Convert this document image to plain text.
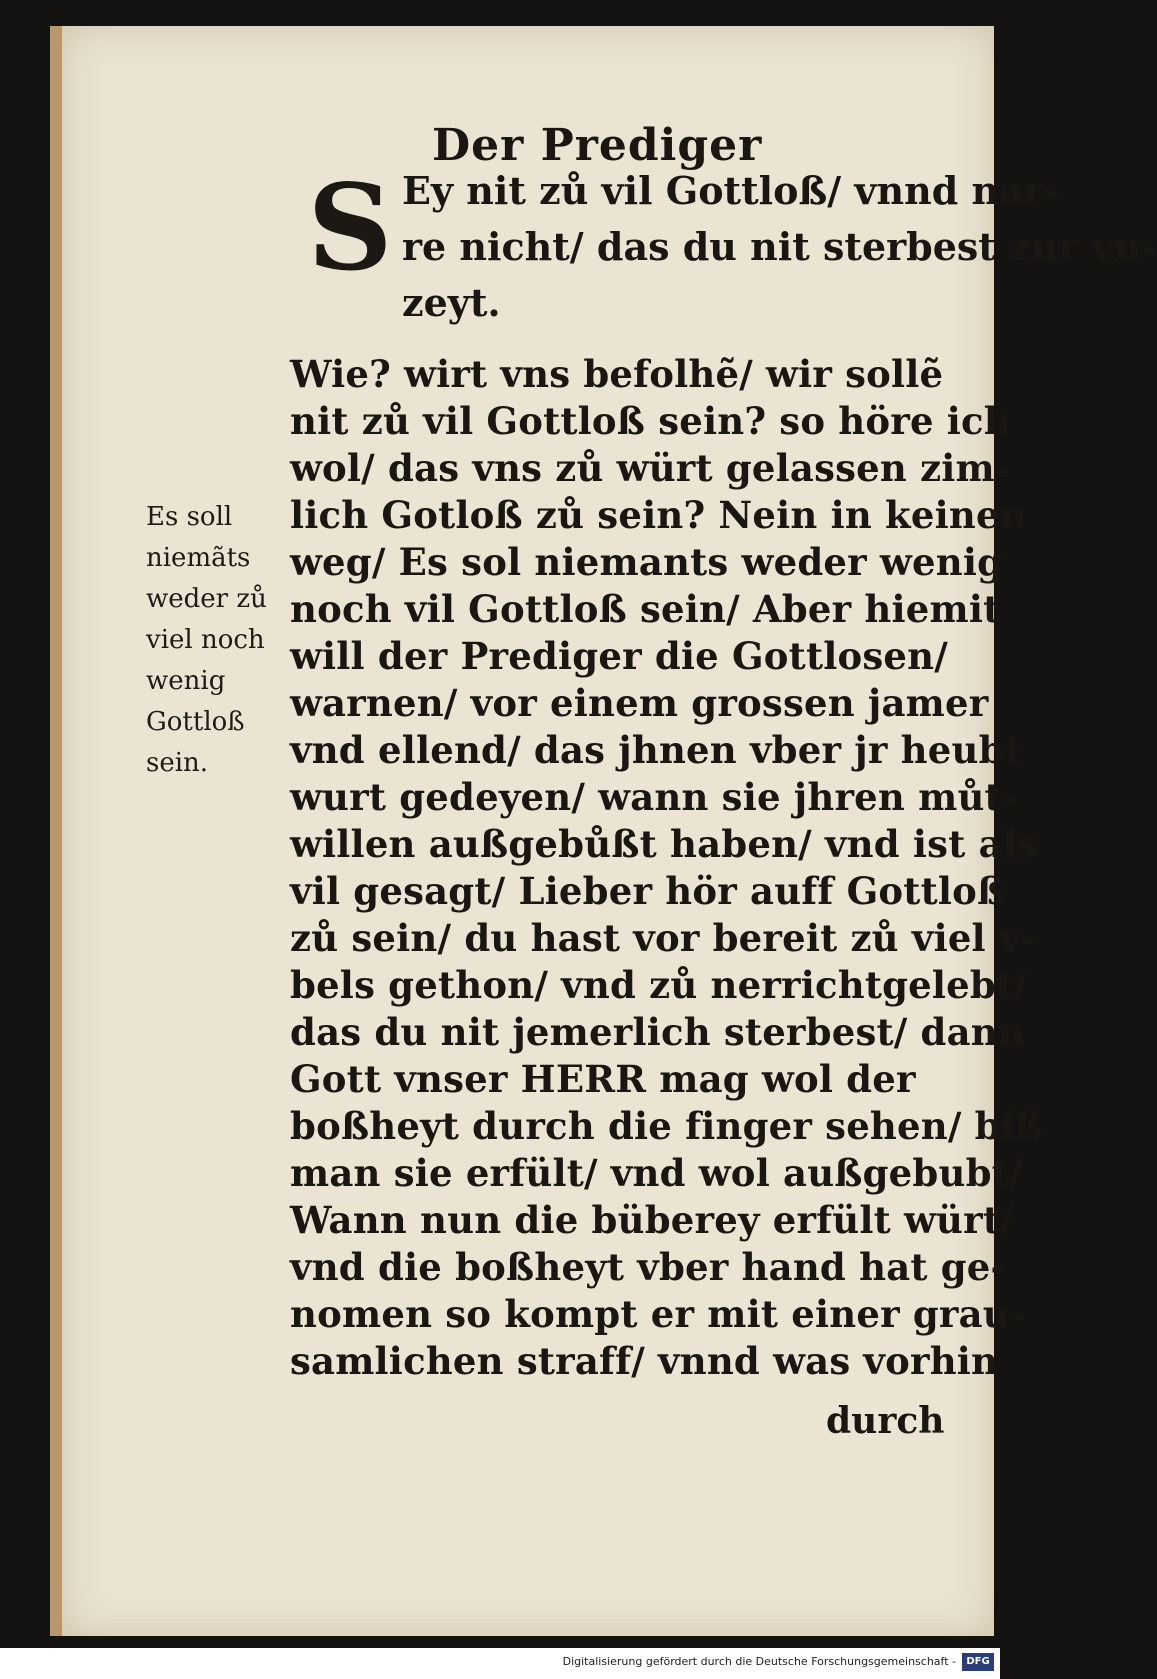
Der Prediger
S Ey nit zů vil Gottloß/ vnnd nar‑
re nicht/ das du nit sterbest zur vn‑
zeyt.
Es soll
niemãts
weder zů
viel noch
wenig
Gottloß
sein.
Wie? wirt vns befolhẽ/ wir sollẽ
nit zů vil Gottloß sein? so höre ich
wol/ das vns zů würt gelassen zim‑
lich Gotloß zů sein? Nein in keinen
weg/ Es sol niemants weder wenig
noch vil Gottloß sein/ Aber hiemit
will der Prediger die Gottlosen/
warnen/ vor einem grossen jamer
vnd ellend/ das jhnen vber jr heubt
wurt gedeyen/ wann sie jhren můt‑
willen außgebůßt haben/ vnd ist als
vil gesagt/ Lieber hör auff Gottloß
zů sein/ du hast vor bereit zů viel v‑
bels gethon/ vnd zů nerrichtgelebt/
das du nit jemerlich sterbest/ dann
Gott vnser HERR mag wol der
boßheyt durch die finger sehen/ biß
man sie erfült/ vnd wol außgebubt/
Wann nun die büberey erfült würt/
vnd die boßheyt vber hand hat ge‑
nomen so kompt er mit einer grau‑
samlichen straff/ vnnd was vorhin
durch
Digitalisierung gefördert durch die Deutsche Forschungsgemeinschaft -	DFG
